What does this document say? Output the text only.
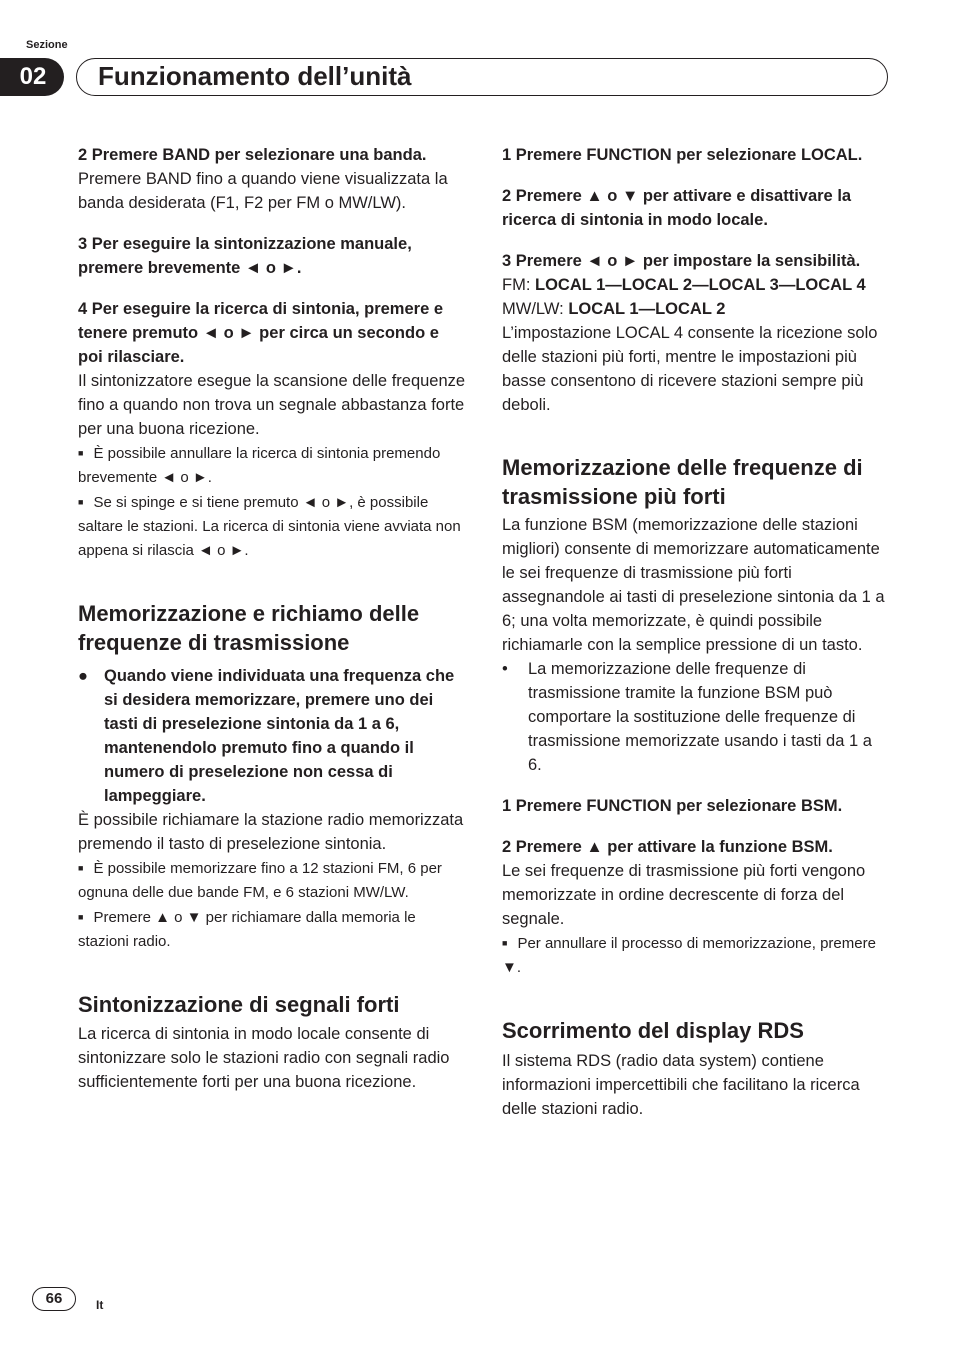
Sezione
02	Funzionamento dell’unità

2 Premere BAND per selezionare una banda.

Premere BAND fino a quando viene visualizzata la banda desiderata (F1, F2 per FM o MW/LW).

3 Per eseguire la sintonizzazione manuale, premere brevemente ◄ o ►.

4 Per eseguire la ricerca di sintonia, premere e tenere premuto ◄ o ► per circa un secondo e poi rilasciare.

Il sintonizzatore esegue la scansione delle frequenze fino a quando non trova un segnale abbastanza forte per una buona ricezione.

■ È possibile annullare la ricerca di sintonia premendo brevemente ◄ o ►.

■ Se si spinge e si tiene premuto ◄ o ►, è possibile saltare le stazioni. La ricerca di sintonia viene avviata non appena si rilascia ◄ o ►.

Memorizzazione e richiamo delle frequenze di trasmissione

● Quando viene individuata una frequenza che si desidera memorizzare, premere uno dei tasti di preselezione sintonia da 1 a 6, mantenendolo premuto fino a quando il numero di preselezione non cessa di lampeggiare.

È possibile richiamare la stazione radio memorizzata premendo il tasto di preselezione sintonia.

■ È possibile memorizzare fino a 12 stazioni FM, 6 per ognuna delle due bande FM, e 6 stazioni MW/LW.

■ Premere ▲ o ▼ per richiamare dalla memoria le stazioni radio.

Sintonizzazione di segnali forti

La ricerca di sintonia in modo locale consente di sintonizzare solo le stazioni radio con segnali radio sufficientemente forti per una buona ricezione.

1 Premere FUNCTION per selezionare LOCAL.

2 Premere ▲ o ▼ per attivare e disattivare la ricerca di sintonia in modo locale.

3 Premere ◄ o ► per impostare la sensibilità.

FM: LOCAL 1—LOCAL 2—LOCAL 3—LOCAL 4

MW/LW: LOCAL 1—LOCAL 2

L’impostazione LOCAL 4 consente la ricezione solo delle stazioni più forti, mentre le impostazioni più basse consentono di ricevere stazioni sempre più deboli.

Memorizzazione delle frequenze di trasmissione più forti

La funzione BSM (memorizzazione delle stazioni migliori) consente di memorizzare automaticamente le sei frequenze di trasmissione più forti assegnandole ai tasti di preselezione sintonia da 1 a 6; una volta memorizzate, è quindi possibile richiamarle con la semplice pressione di un tasto.

•	La memorizzazione delle frequenze di trasmissione tramite la funzione BSM può comportare la sostituzione delle frequenze di trasmissione memorizzate usando i tasti da 1 a 6.

1 Premere FUNCTION per selezionare BSM.

2 Premere ▲ per attivare la funzione BSM.

Le sei frequenze di trasmissione più forti vengono memorizzate in ordine decrescente di forza del segnale.

■ Per annullare il processo di memorizzazione, premere ▼.

Scorrimento del display RDS

Il sistema RDS (radio data system) contiene informazioni impercettibili che facilitano la ricerca delle stazioni radio.

66	It
